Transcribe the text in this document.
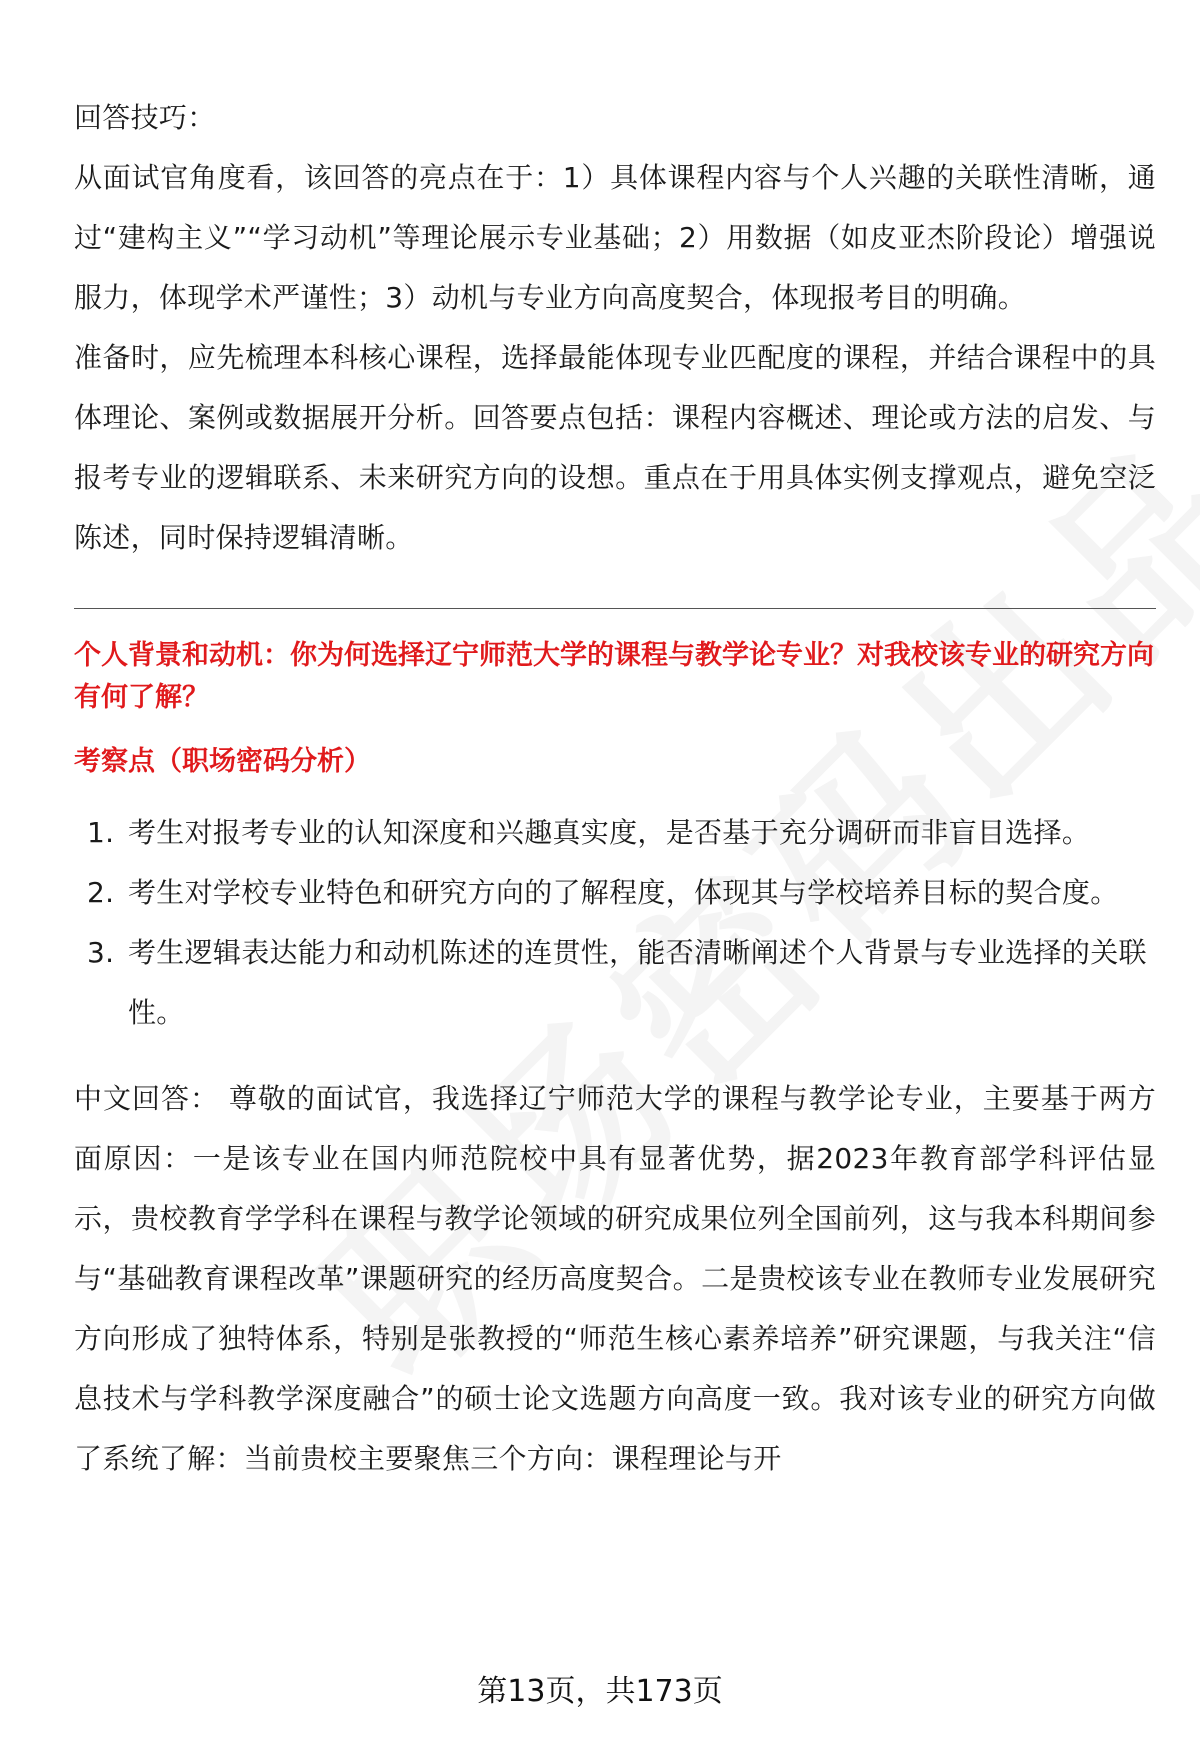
回答技巧：

从面试官角度看，该回答的亮点在于：1）具体课程内容与个人兴趣的关联性清晰，通过“建构主义”“学习动机”等理论展示专业基础；2）用数据（如皮亚杰阶段论）增强说服力，体现学术严谨性；3）动机与专业方向高度契合，体现报考目的明确。

准备时，应先梳理本科核心课程，选择最能体现专业匹配度的课程，并结合课程中的具体理论、案例或数据展开分析。回答要点包括：课程内容概述、理论或方法的启发、与报考专业的逻辑联系、未来研究方向的设想。重点在于用具体实例支撑观点，避免空泛陈述，同时保持逻辑清晰。

个人背景和动机：你为何选择辽宁师范大学的课程与教学论专业？对我校该专业的研究方向有何了解？

考察点（职场密码分析）

1. 考生对报考专业的认知深度和兴趣真实度，是否基于充分调研而非盲目选择。
2. 考生对学校专业特色和研究方向的了解程度，体现其与学校培养目标的契合度。
3. 考生逻辑表达能力和动机陈述的连贯性，能否清晰阐述个人背景与专业选择的关联性。

中文回答： 尊敬的面试官，我选择辽宁师范大学的课程与教学论专业，主要基于两方面原因：一是该专业在国内师范院校中具有显著优势，据2023年教育部学科评估显示，贵校教育学学科在课程与教学论领域的研究成果位列全国前列，这与我本科期间参与“基础教育课程改革”课题研究的经历高度契合。二是贵校该专业在教师专业发展研究方向形成了独特体系，特别是张教授的“师范生核心素养培养”研究课题，与我关注“信息技术与学科教学深度融合”的硕士论文选题方向高度一致。我对该专业的研究方向做了系统了解：当前贵校主要聚焦三个方向：课程理论与开

第13页，共173页
